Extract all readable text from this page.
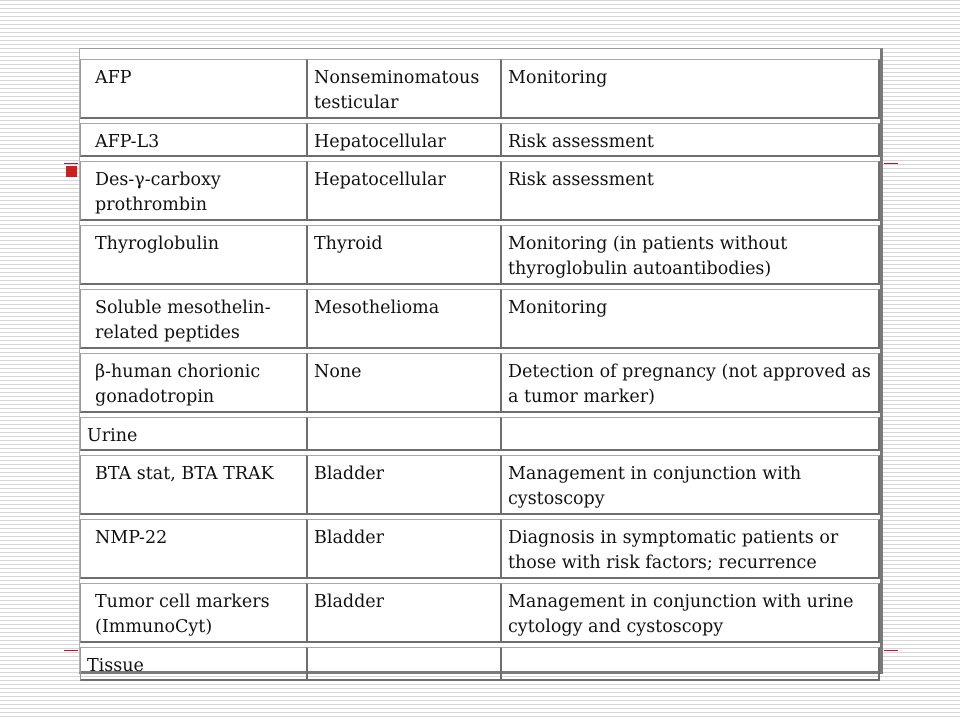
AFP	Nonseminomatous testicular	Monitoring
AFP-L3	Hepatocellular	Risk assessment
Des-γ-carboxy prothrombin	Hepatocellular	Risk assessment
Thyroglobulin	Thyroid	Monitoring (in patients without thyroglobulin autoantibodies)
Soluble mesothelin-related peptides	Mesothelioma	Monitoring
β-human chorionic gonadotropin	None	Detection of pregnancy (not approved as a tumor marker)
Urine		
BTA stat, BTA TRAK	Bladder	Management in conjunction with cystoscopy
NMP-22	Bladder	Diagnosis in symptomatic patients or those with risk factors; recurrence
Tumor cell markers (ImmunoCyt)	Bladder	Management in conjunction with urine cytology and cystoscopy
Tissue		
